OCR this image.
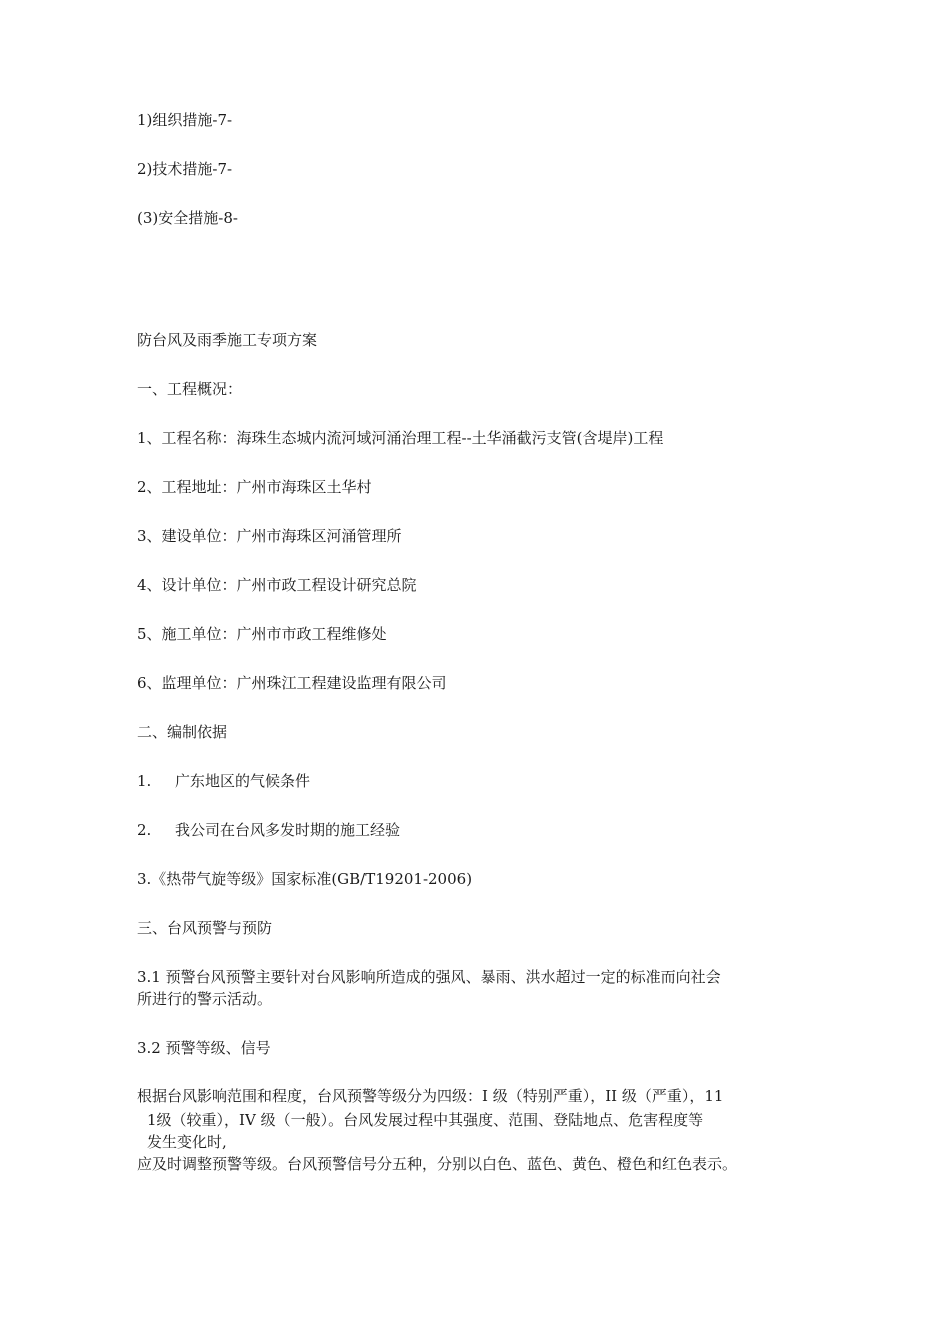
1)组织措施-7-
2)技术措施-7-
(3)安全措施-8-
防台风及雨季施工专项方案
一、工程概况：
1、工程名称：海珠生态城内流河域河涌治理工程--土华涌截污支管(含堤岸)工程
2、工程地址：广州市海珠区土华村
3、建设单位：广州市海珠区河涌管理所
4、设计单位：广州市政工程设计研究总院
5、施工单位：广州市市政工程维修处
6、监理单位：广州珠江工程建设监理有限公司
二、编制依据
1. 广东地区的气候条件
2. 我公司在台风多发时期的施工经验
3.《热带气旋等级》国家标准(GB/T19201-2006)
三、台风预警与预防
3.1 预警台风预警主要针对台风影响所造成的强风、暴雨、洪水超过一定的标准而向社会
所进行的警示活动。
3.2 预警等级、信号
根据台风影响范围和程度，台风预警等级分为四级：I 级（特别严重），II 级（严重），11
1级（较重），IV 级（一般）。台风发展过程中其强度、范围、登陆地点、危害程度等
发生变化时,
应及时调整预警等级。台风预警信号分五种，分别以白色、蓝色、黄色、橙色和红色表示。
